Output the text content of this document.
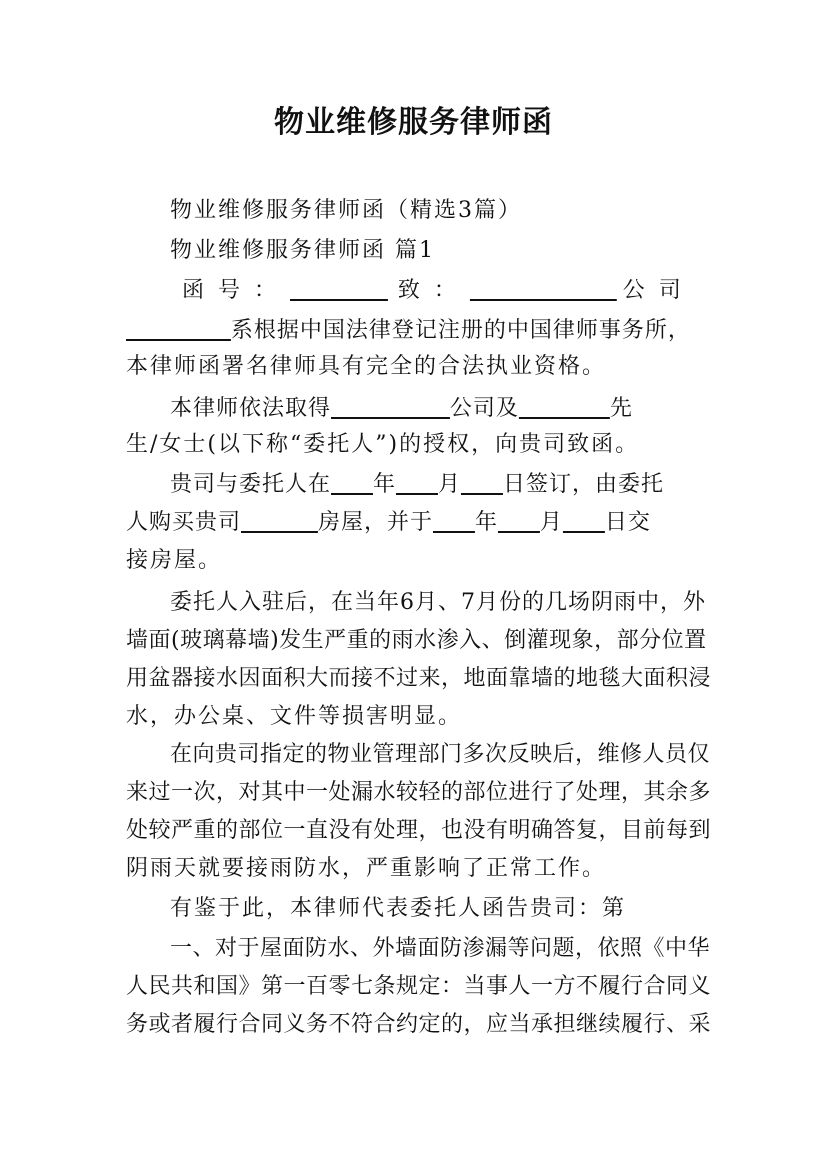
物业维修服务律师函
物业维修服务律师函（精选3篇）
物业维修服务律师函 篇1
函号：	致：	公司
系根据中国法律登记注册的中国律师事务所，
本律师函署名律师具有完全的合法执业资格。
本律师依法取得	公司及	先
生/女士(以下称“委托人”)的授权，向贵司致函。
贵司与委托人在 年 月 日签订，由委托
人购买贵司	房屋，并于 年 月 日交
接房屋。
委托人入驻后，在当年6月、7月份的几场阴雨中，外
墙面(玻璃幕墙)发生严重的雨水渗入、倒灌现象，部分位置
用盆器接水因面积大而接不过来，地面靠墙的地毯大面积浸
水，办公桌、文件等损害明显。
在向贵司指定的物业管理部门多次反映后，维修人员仅
来过一次，对其中一处漏水较轻的部位进行了处理，其余多
处较严重的部位一直没有处理，也没有明确答复，目前每到
阴雨天就要接雨防水，严重影响了正常工作。
有鉴于此，本律师代表委托人函告贵司：第
一、对于屋面防水、外墙面防渗漏等问题，依照《中华
人民共和国》第一百零七条规定：当事人一方不履行合同义
务或者履行合同义务不符合约定的，应当承担继续履行、采
